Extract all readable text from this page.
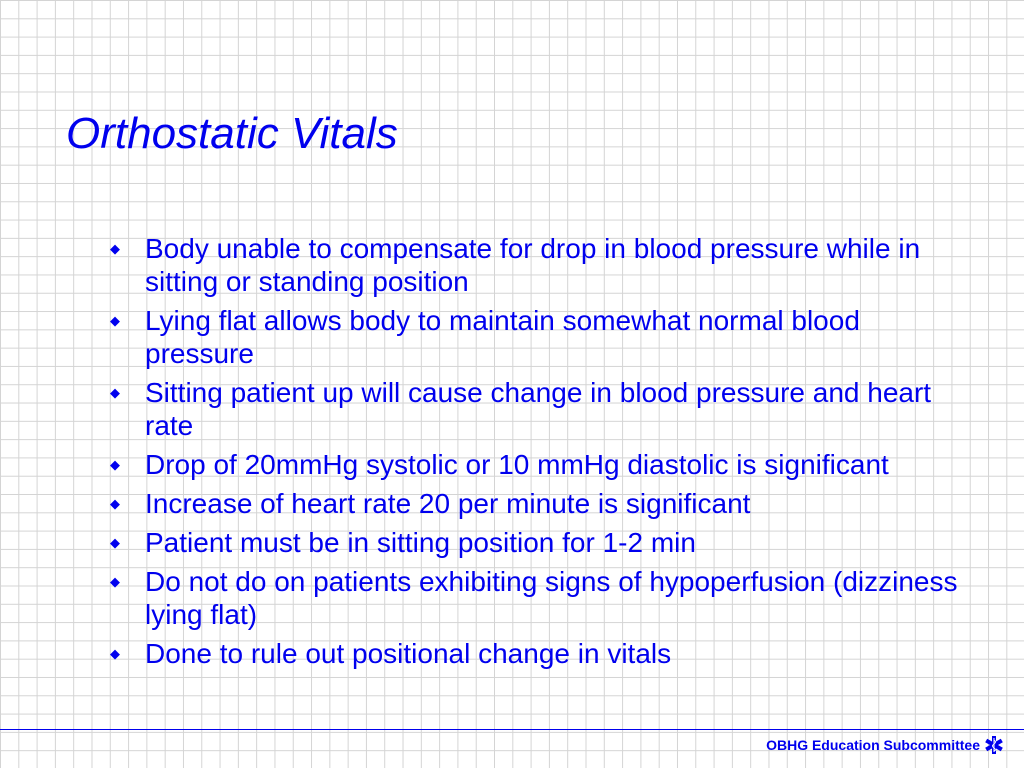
Orthostatic Vitals
◆ Body unable to compensate for drop in blood pressure while in sitting or standing position
◆ Lying flat allows body to maintain somewhat normal blood pressure
◆ Sitting patient up will cause change in blood pressure and heart rate
◆ Drop of 20mmHg systolic or 10 mmHg diastolic is significant
◆ Increase of heart rate 20 per minute is significant
◆ Patient must be in sitting position for 1-2 min
◆ Do not do on patients exhibiting signs of hypoperfusion (dizziness lying flat)
◆ Done to rule out positional change in vitals
OBHG Education Subcommittee
